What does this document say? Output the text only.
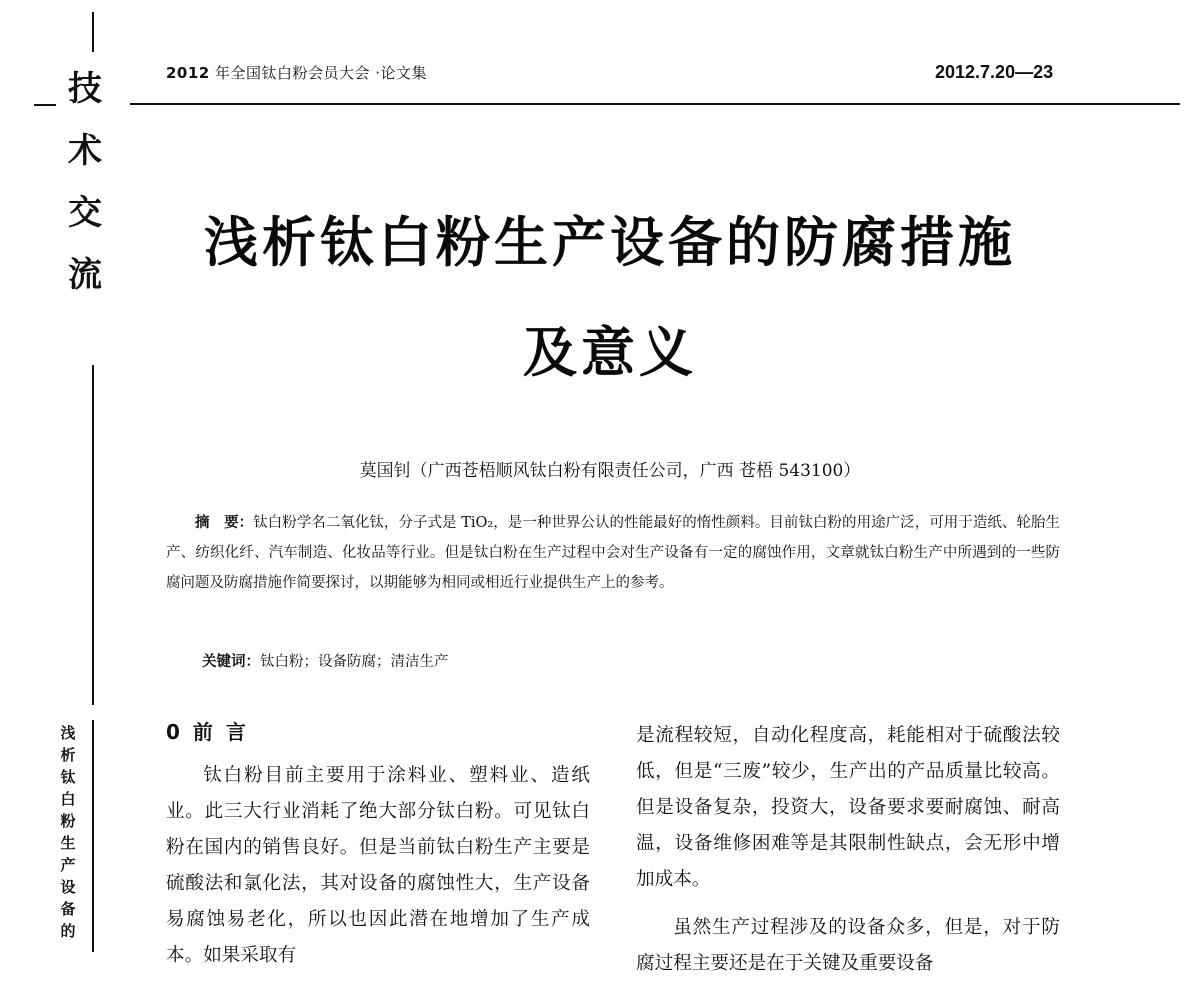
技
术
交
流
浅
析
钛
白
粉
生
产
设
备
的
2012 年全国钛白粉会员大会 ·论文集	2012.7.20—23
浅析钛白粉生产设备的防腐措施
及意义
莫国钊（广西苍梧顺风钛白粉有限责任公司，广西 苍梧 543100）
摘　要：钛白粉学名二氧化钛，分子式是 TiO₂，是一种世界公认的性能最好的惰性颜料。目前钛白粉的用途广泛，可用于造纸、轮胎生产、纺织化纤、汽车制造、化妆品等行业。但是钛白粉在生产过程中会对生产设备有一定的腐蚀作用，文章就钛白粉生产中所遇到的一些防腐问题及防腐措施作简要探讨，以期能够为相同或相近行业提供生产上的参考。
关键词：钛白粉；设备防腐；清洁生产
0 前 言
钛白粉目前主要用于涂料业、塑料业、造纸业。此三大行业消耗了绝大部分钛白粉。可见钛白粉在国内的销售良好。但是当前钛白粉生产主要是硫酸法和氯化法，其对设备的腐蚀性大，生产设备易腐蚀易老化，所以也因此潜在地增加了生产成本。如果采取有

是流程较短，自动化程度高，耗能相对于硫酸法较低，但是“三废”较少，生产出的产品质量比较高。但是设备复杂，投资大，设备要求要耐腐蚀、耐高温，设备维修困难等是其限制性缺点，会无形中增加成本。

虽然生产过程涉及的设备众多，但是，对于防腐过程主要还是在于关键及重要设备
